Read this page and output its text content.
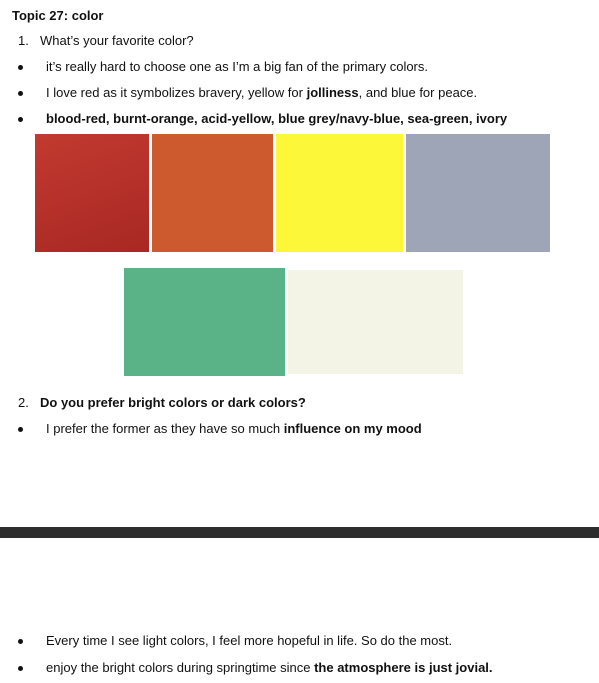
Topic 27: color
1. What’s your favorite color?
it’s really hard to choose one as I’m a big fan of the primary colors.
I love red as it symbolizes bravery, yellow for jolliness, and blue for peace.
blood-red, burnt-orange, acid-yellow, blue grey/navy-blue, sea-green, ivory
2. Do you prefer bright colors or dark colors?
I prefer the former as they have so much influence on my mood
Every time I see light colors, I feel more hopeful in life. So do the most.
enjoy the bright colors during springtime since the atmosphere is just jovial.
